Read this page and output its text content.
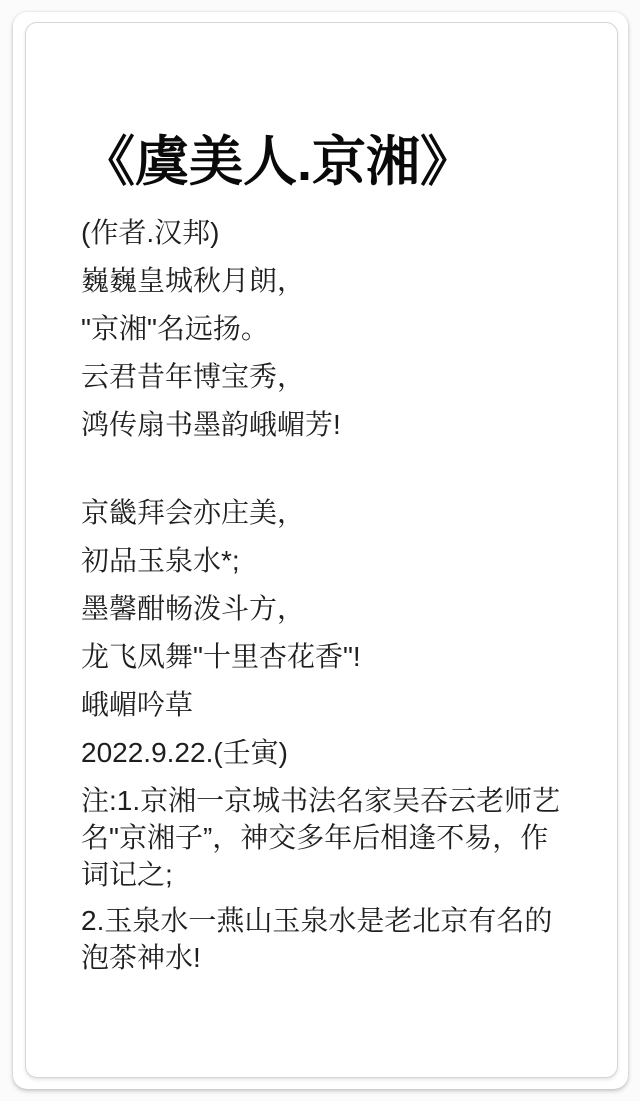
《虞美人.京湘》

(作者.汉邦)

巍巍皇城秋月朗，

"京湘"名远扬。

云君昔年博宝秀，

鸿传扇书墨韵峨嵋芳!

京畿拜会亦庄美，

初品玉泉水*;

墨馨酣畅泼斗方，

龙飞凤舞"十里杏花香"!

峨嵋吟草

2022.9.22.(壬寅)

注:1.京湘一京城书法名家吴吞云老师艺名"京湘子”，神交多年后相逢不易，作词记之;

2.玉泉水一燕山玉泉水是老北京有名的泡茶神水!
